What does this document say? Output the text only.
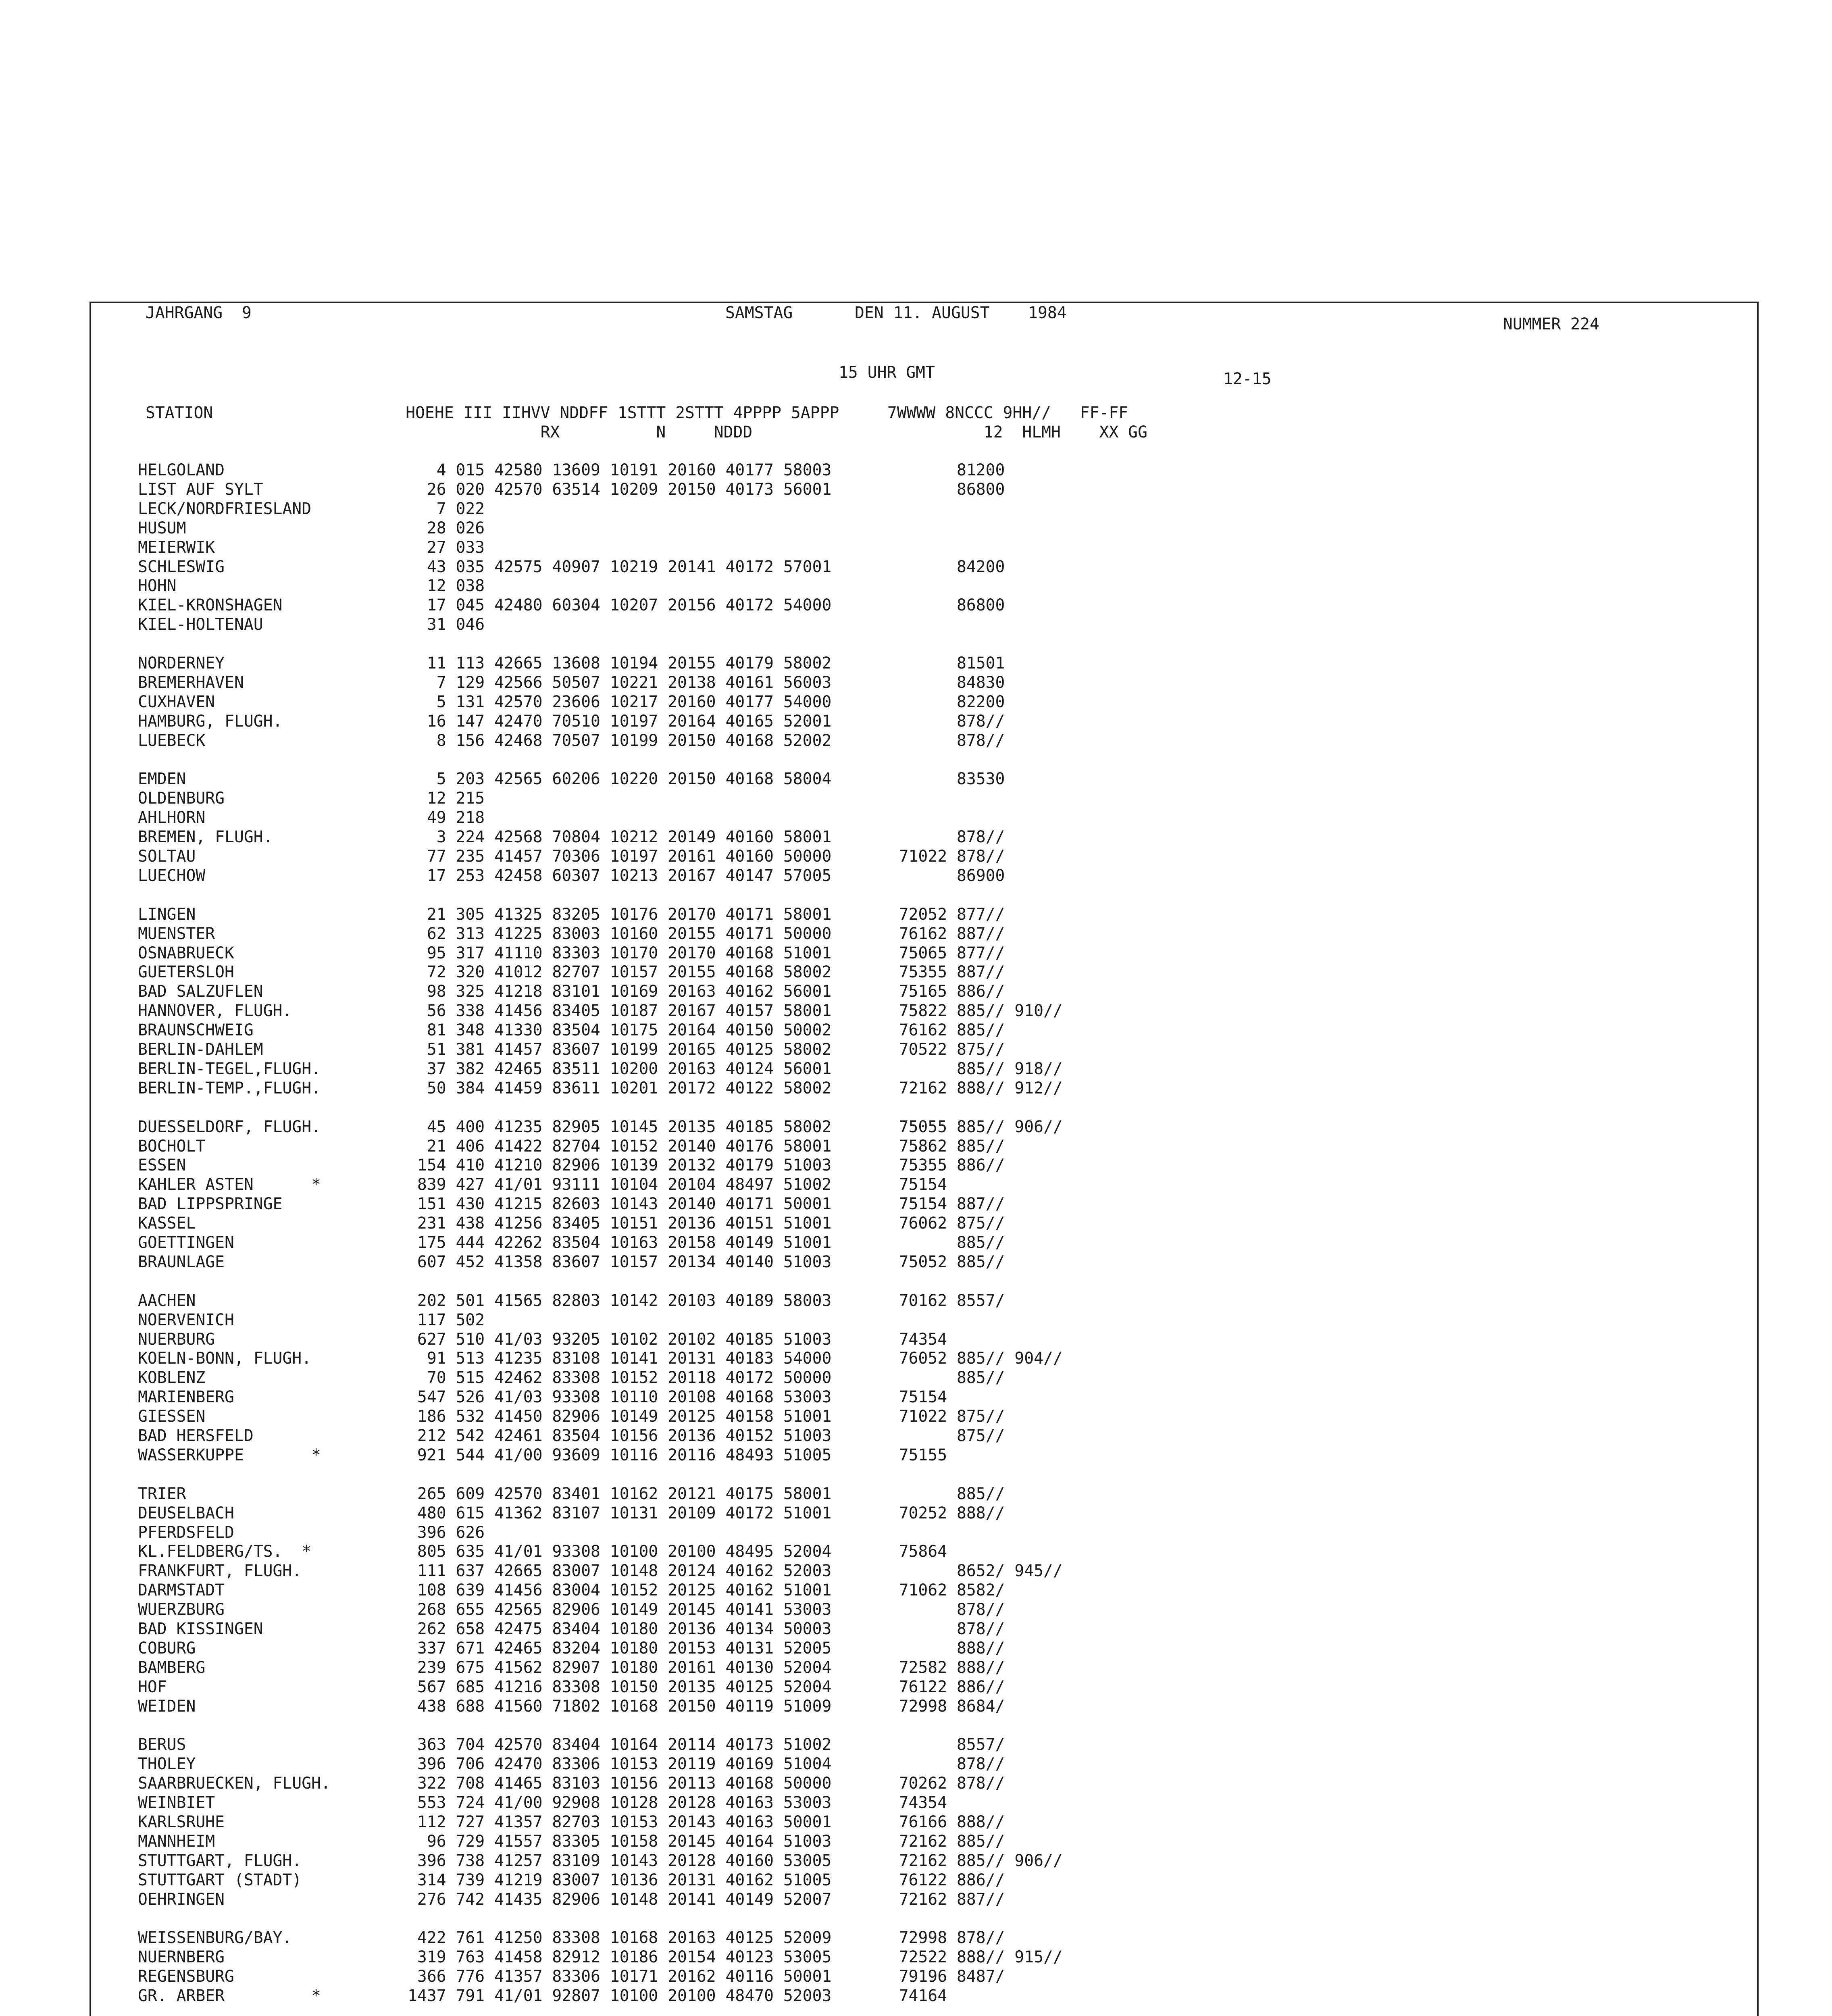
JAHRGANG  9	SAMSTAG	DEN 11. AUGUST    1984
NUMMER 224
15 UHR GMT	12-15
STATION                    HOEHE III IIHVV NDDFF 1STTT 2STTT 4PPPP 5APPP     7WWWW 8NCCC 9HH//   FF-FF
RX          N     NDDD                        12  HLMH    XX GG
HELGOLAND                      4 015 42580 13609 10191 20160 40177 58003             81200
LIST AUF SYLT                 26 020 42570 63514 10209 20150 40173 56001             86800
LECK/NORDFRIESLAND             7 022
HUSUM                         28 026
MEIERWIK                      27 033
SCHLESWIG                     43 035 42575 40907 10219 20141 40172 57001             84200
HOHN                          12 038
KIEL-KRONSHAGEN               17 045 42480 60304 10207 20156 40172 54000             86800
KIEL-HOLTENAU                 31 046
NORDERNEY                     11 113 42665 13608 10194 20155 40179 58002             81501
BREMERHAVEN                    7 129 42566 50507 10221 20138 40161 56003             84830
CUXHAVEN                       5 131 42570 23606 10217 20160 40177 54000             82200
HAMBURG, FLUGH.               16 147 42470 70510 10197 20164 40165 52001             878//
LUEBECK                        8 156 42468 70507 10199 20150 40168 52002             878//
EMDEN                          5 203 42565 60206 10220 20150 40168 58004             83530
OLDENBURG                     12 215
AHLHORN                       49 218
BREMEN, FLUGH.                 3 224 42568 70804 10212 20149 40160 58001             878//
SOLTAU                        77 235 41457 70306 10197 20161 40160 50000       71022 878//
LUECHOW                       17 253 42458 60307 10213 20167 40147 57005             86900
LINGEN                        21 305 41325 83205 10176 20170 40171 58001       72052 877//
MUENSTER                      62 313 41225 83003 10160 20155 40171 50000       76162 887//
OSNABRUECK                    95 317 41110 83303 10170 20170 40168 51001       75065 877//
GUETERSLOH                    72 320 41012 82707 10157 20155 40168 58002       75355 887//
BAD SALZUFLEN                 98 325 41218 83101 10169 20163 40162 56001       75165 886//
HANNOVER, FLUGH.              56 338 41456 83405 10187 20167 40157 58001       75822 885// 910//
BRAUNSCHWEIG                  81 348 41330 83504 10175 20164 40150 50002       76162 885//
BERLIN-DAHLEM                 51 381 41457 83607 10199 20165 40125 58002       70522 875//
BERLIN-TEGEL,FLUGH.           37 382 42465 83511 10200 20163 40124 56001             885// 918//
BERLIN-TEMP.,FLUGH.           50 384 41459 83611 10201 20172 40122 58002       72162 888// 912//
DUESSELDORF, FLUGH.           45 400 41235 82905 10145 20135 40185 58002       75055 885// 906//
BOCHOLT                       21 406 41422 82704 10152 20140 40176 58001       75862 885//
ESSEN                        154 410 41210 82906 10139 20132 40179 51003       75355 886//
KAHLER ASTEN      *          839 427 41/01 93111 10104 20104 48497 51002       75154
BAD LIPPSPRINGE              151 430 41215 82603 10143 20140 40171 50001       75154 887//
KASSEL                       231 438 41256 83405 10151 20136 40151 51001       76062 875//
GOETTINGEN                   175 444 42262 83504 10163 20158 40149 51001             885//
BRAUNLAGE                    607 452 41358 83607 10157 20134 40140 51003       75052 885//
AACHEN                       202 501 41565 82803 10142 20103 40189 58003       70162 8557/
NOERVENICH                   117 502
NUERBURG                     627 510 41/03 93205 10102 20102 40185 51003       74354
KOELN-BONN, FLUGH.            91 513 41235 83108 10141 20131 40183 54000       76052 885// 904//
KOBLENZ                       70 515 42462 83308 10152 20118 40172 50000             885//
MARIENBERG                   547 526 41/03 93308 10110 20108 40168 53003       75154
GIESSEN                      186 532 41450 82906 10149 20125 40158 51001       71022 875//
BAD HERSFELD                 212 542 42461 83504 10156 20136 40152 51003             875//
WASSERKUPPE       *          921 544 41/00 93609 10116 20116 48493 51005       75155
TRIER                        265 609 42570 83401 10162 20121 40175 58001             885//
DEUSELBACH                   480 615 41362 83107 10131 20109 40172 51001       70252 888//
PFERDSFELD                   396 626
KL.FELDBERG/TS.  *           805 635 41/01 93308 10100 20100 48495 52004       75864
FRANKFURT, FLUGH.            111 637 42665 83007 10148 20124 40162 52003             8652/ 945//
DARMSTADT                    108 639 41456 83004 10152 20125 40162 51001       71062 8582/
WUERZBURG                    268 655 42565 82906 10149 20145 40141 53003             878//
BAD KISSINGEN                262 658 42475 83404 10180 20136 40134 50003             878//
COBURG                       337 671 42465 83204 10180 20153 40131 52005             888//
BAMBERG                      239 675 41562 82907 10180 20161 40130 52004       72582 888//
HOF                          567 685 41216 83308 10150 20135 40125 52004       76122 886//
WEIDEN                       438 688 41560 71802 10168 20150 40119 51009       72998 8684/
BERUS                        363 704 42570 83404 10164 20114 40173 51002             8557/
THOLEY                       396 706 42470 83306 10153 20119 40169 51004             878//
SAARBRUECKEN, FLUGH.         322 708 41465 83103 10156 20113 40168 50000       70262 878//
WEINBIET                     553 724 41/00 92908 10128 20128 40163 53003       74354
KARLSRUHE                    112 727 41357 82703 10153 20143 40163 50001       76166 888//
MANNHEIM                      96 729 41557 83305 10158 20145 40164 51003       72162 885//
STUTTGART, FLUGH.            396 738 41257 83109 10143 20128 40160 53005       72162 885// 906//
STUTTGART (STADT)            314 739 41219 83007 10136 20131 40162 51005       76122 886//
OEHRINGEN                    276 742 41435 82906 10148 20141 40149 52007       72162 887//
WEISSENBURG/BAY.             422 761 41250 83308 10168 20163 40125 52009       72998 878//
NUERNBERG                    319 763 41458 82912 10186 20154 40123 53005       72522 888// 915//
REGENSBURG                   366 776 41357 83306 10171 20162 40116 50001       79196 8487/
GR. ARBER         *         1437 791 41/01 92807 10100 20100 48470 52003       74164
